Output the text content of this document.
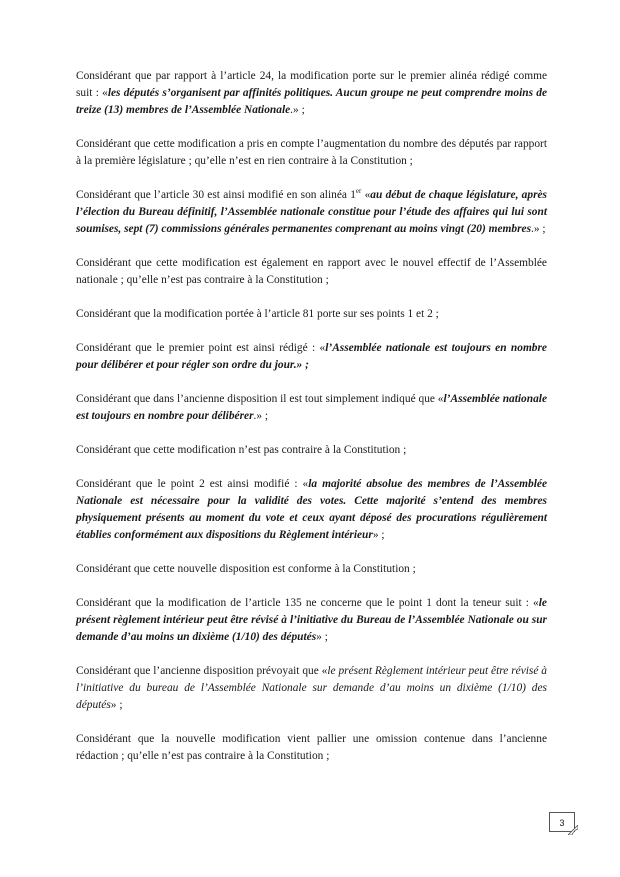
Considérant que par rapport à l’article 24, la modification porte sur le premier alinéa rédigé comme suit : «les députés s’organisent par affinités politiques. Aucun groupe ne peut comprendre moins de treize (13) membres de l’Assemblée Nationale.» ;

Considérant que cette modification a pris en compte l’augmentation du nombre des députés par rapport à la première législature ; qu’elle n’est en rien contraire à la Constitution ;

Considérant que l’article 30 est ainsi modifié en son alinéa 1er «au début de chaque législature, après l’élection du Bureau définitif, l’Assemblée nationale constitue pour l’étude des affaires qui lui sont soumises, sept (7) commissions générales permanentes comprenant au moins vingt (20) membres.» ;

Considérant que cette modification est également en rapport avec le nouvel effectif de l’Assemblée nationale ; qu’elle n’est pas contraire à la Constitution ;

Considérant que la modification portée à l’article 81 porte sur ses points 1 et 2 ;

Considérant que le premier point est ainsi rédigé : «l’Assemblée nationale est toujours en nombre pour délibérer et pour régler son ordre du jour.» ;

Considérant que dans l’ancienne disposition il est tout simplement indiqué que «l’Assemblée nationale est toujours en nombre pour délibérer.» ;

Considérant que cette modification n’est pas contraire à la Constitution ;

Considérant que le point 2 est ainsi modifié : «la majorité absolue des membres de l’Assemblée Nationale est nécessaire pour la validité des votes. Cette majorité s’entend des membres physiquement présents au moment du vote et ceux ayant déposé des procurations régulièrement établies conformément aux dispositions du Règlement intérieur» ;

Considérant que cette nouvelle disposition est conforme à la Constitution ;

Considérant que la modification de l’article 135 ne concerne que le point 1 dont la teneur suit : «le présent règlement intérieur peut être révisé à l’initiative du Bureau de l’Assemblée Nationale ou sur demande d’au moins un dixième (1/10) des députés» ;

Considérant que l’ancienne disposition prévoyait que «le présent Règlement intérieur peut être révisé à l’initiative du bureau de l’Assemblée Nationale sur demande d’au moins un dixième (1/10) des députés» ;

Considérant que la nouvelle modification vient pallier une omission contenue dans l’ancienne rédaction ; qu’elle n’est pas contraire à la Constitution ;

3
